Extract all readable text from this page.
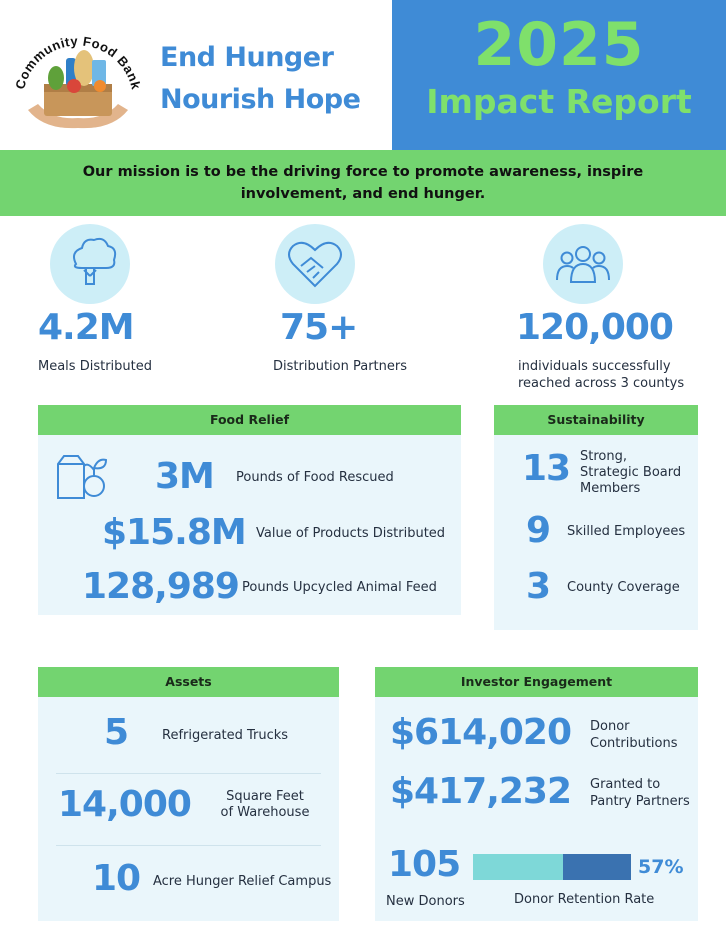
ommunity Food Ban
End Hunger
Nourish Hope
2025
Impact Report
Our mission is to be the driving force to promote awareness, inspire
involvement, and end hunger.
4.2M
Meals Distributed
75+
Distribution Partners
120,000
individuals successfully
reached across 3 countys
Food Relief
3M Pounds of Food Rescued
$15.8M Value of Products Distributed
128,989 Pounds Upcycled Animal Feed
Sustainability
13 Strong,
Strategic Board
Members
9 Skilled Employees
3 County Coverage
Assets
5	Refrigerated Trucks
14,000	Square Feet
of Warehouse
10 Acre Hunger Relief Campus
Investor Engagement
$614,020 Donor
Contributions
$417,232 Granted to
Pantry Partners
105
New Donors
57%
Donor Retention Rate
